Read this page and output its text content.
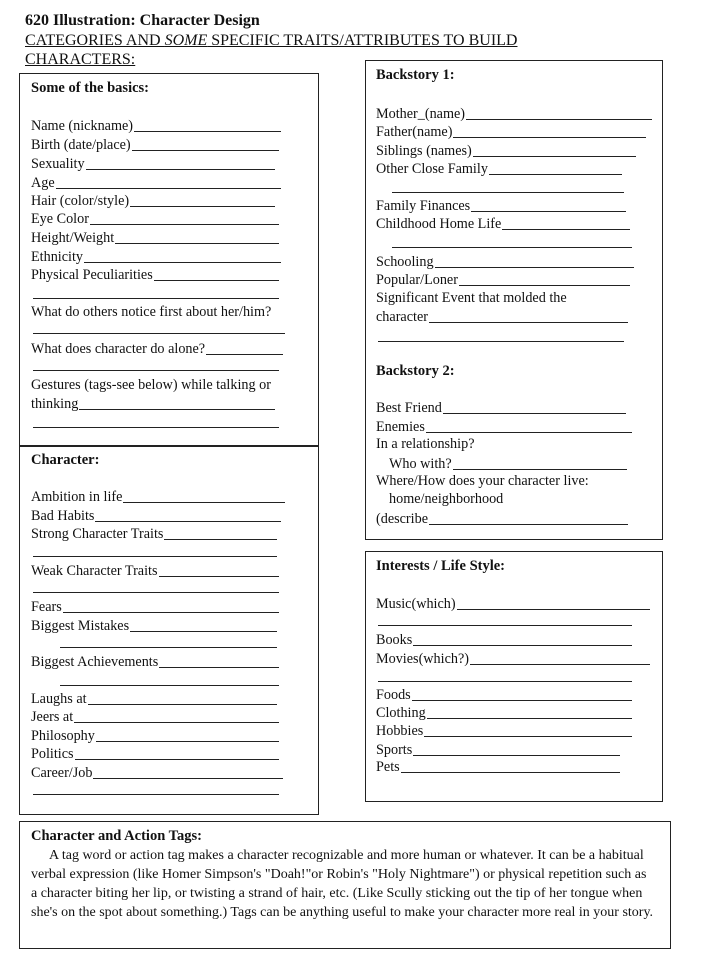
620 Illustration: Character Design
CATEGORIES AND SOME SPECIFIC TRAITS/ATTRIBUTES TO BUILD
CHARACTERS:
Some of the basics:
Character:
Backstory 1:
Backstory 2:
Interests / Life Style:
Name (nickname)
Birth (date/place)
Sexuality
Age
Hair (color/style)
Eye Color
Height/Weight
Ethnicity
Physical Peculiarities
What do others notice first about her/him?
What does character do alone?
Gestures (tags-see below) while talking or
thinking
Ambition in life
Bad Habits
Strong Character Traits
Weak Character Traits
Fears
Biggest Mistakes
Biggest Achievements
Laughs at
Jeers at
Philosophy
Politics
Career/Job
Mother_(name)
Father(name)
Siblings (names)
Other Close Family
Family Finances
Childhood Home Life
Schooling
Popular/Loner
Significant Event that molded the
character
Best Friend
Enemies
In a relationship?
Who with?
Where/How does your character live:
home/neighborhood
(describe
Music(which)
Books
Movies(which?)
Foods
Clothing
Hobbies
Sports
Pets
Character and Action Tags:
A tag word or action tag makes a character recognizable and more human or whatever. It can be a habitual verbal expression (like Homer Simpson's "Doah!"or Robin's "Holy Nightmare") or physical repetition such as a character biting her lip, or twisting a strand of hair, etc. (Like Scully sticking out the tip of her tongue when she's on the spot about something.) Tags can be anything useful to make your character more real in your story.
